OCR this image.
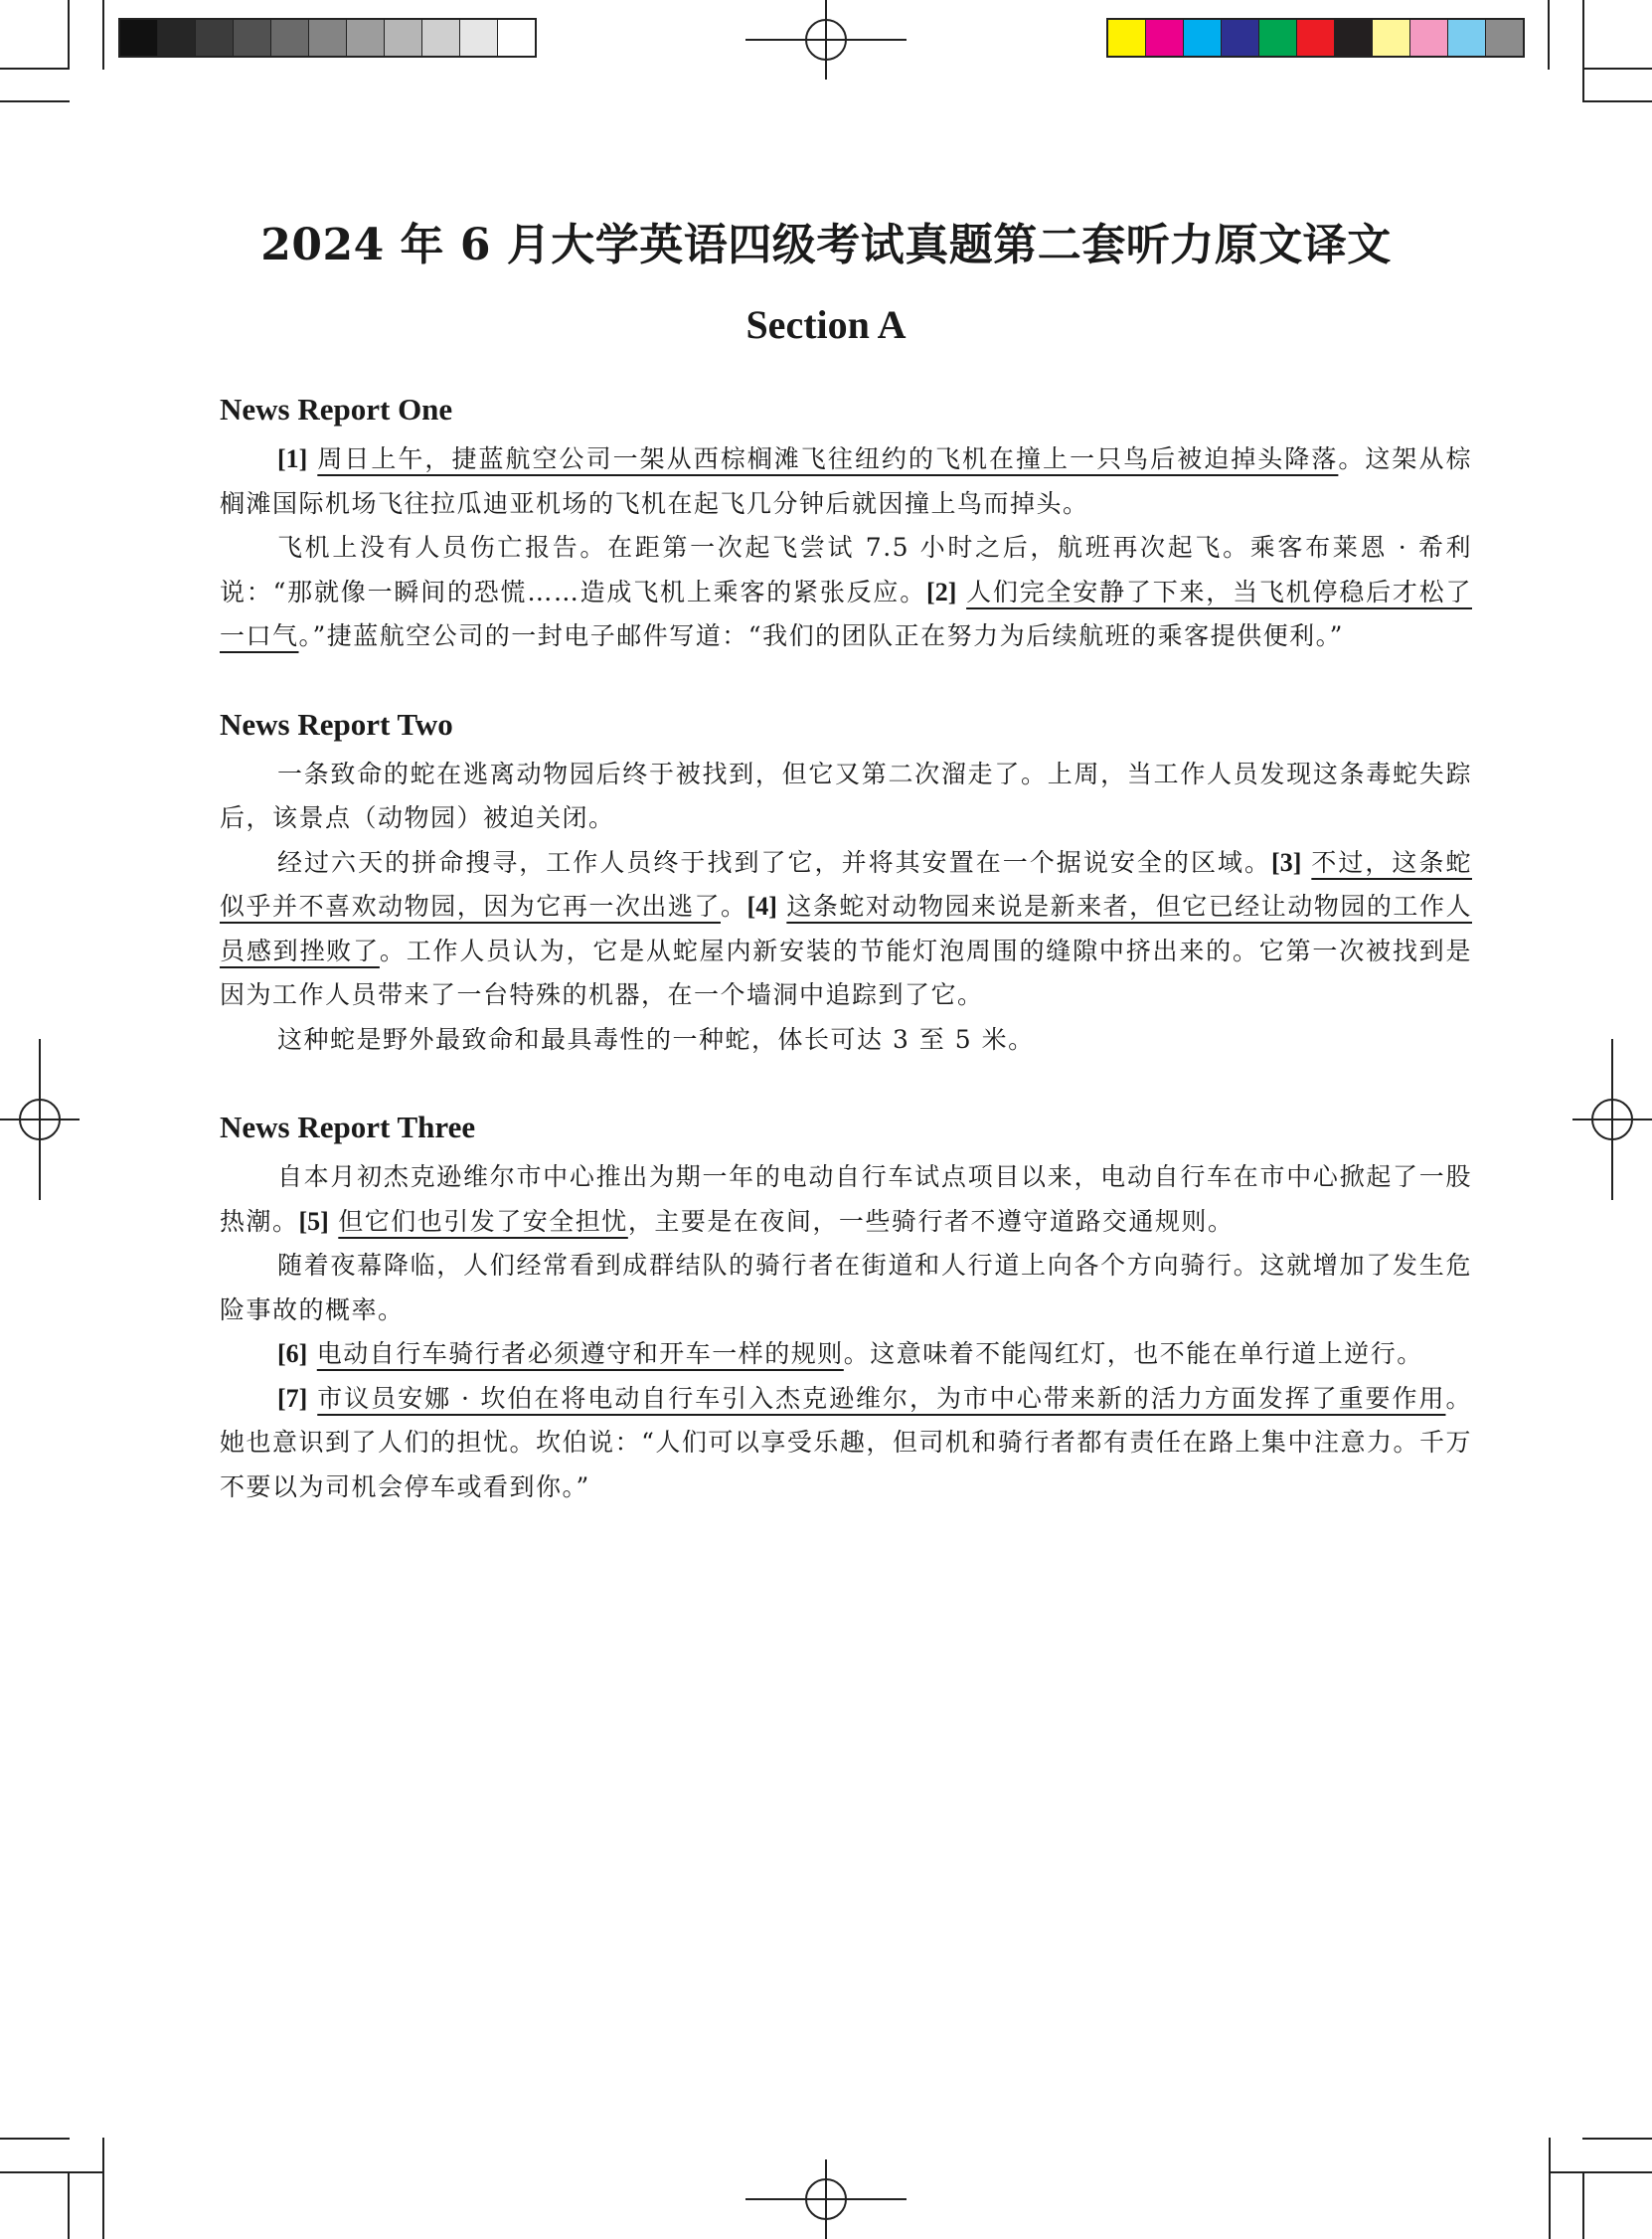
2024 年 6 月大学英语四级考试真题第二套听力原文译文
Section A
News Report One

[1] 周日上午，捷蓝航空公司一架从西棕榈滩飞往纽约的飞机在撞上一只鸟后被迫掉头降落。这架从棕榈滩国际机场飞往拉瓜迪亚机场的飞机在起飞几分钟后就因撞上鸟而掉头。

飞机上没有人员伤亡报告。在距第一次起飞尝试 7.5 小时之后，航班再次起飞。乘客布莱恩 · 希利说：“那就像一瞬间的恐慌……造成飞机上乘客的紧张反应。[2] 人们完全安静了下来，当飞机停稳后才松了一口气。”捷蓝航空公司的一封电子邮件写道：“我们的团队正在努力为后续航班的乘客提供便利。”

News Report Two

一条致命的蛇在逃离动物园后终于被找到，但它又第二次溜走了。上周，当工作人员发现这条毒蛇失踪后，该景点（动物园）被迫关闭。

经过六天的拼命搜寻，工作人员终于找到了它，并将其安置在一个据说安全的区域。[3] 不过，这条蛇似乎并不喜欢动物园，因为它再一次出逃了。[4] 这条蛇对动物园来说是新来者，但它已经让动物园的工作人员感到挫败了。工作人员认为，它是从蛇屋内新安装的节能灯泡周围的缝隙中挤出来的。它第一次被找到是因为工作人员带来了一台特殊的机器，在一个墙洞中追踪到了它。

这种蛇是野外最致命和最具毒性的一种蛇，体长可达 3 至 5 米。

News Report Three

自本月初杰克逊维尔市中心推出为期一年的电动自行车试点项目以来，电动自行车在市中心掀起了一股热潮。[5] 但它们也引发了安全担忧，主要是在夜间，一些骑行者不遵守道路交通规则。

随着夜幕降临，人们经常看到成群结队的骑行者在街道和人行道上向各个方向骑行。这就增加了发生危险事故的概率。

[6] 电动自行车骑行者必须遵守和开车一样的规则。这意味着不能闯红灯，也不能在单行道上逆行。

[7] 市议员安娜 · 坎伯在将电动自行车引入杰克逊维尔，为市中心带来新的活力方面发挥了重要作用。她也意识到了人们的担忧。坎伯说：“人们可以享受乐趣，但司机和骑行者都有责任在路上集中注意力。千万不要以为司机会停车或看到你。”
